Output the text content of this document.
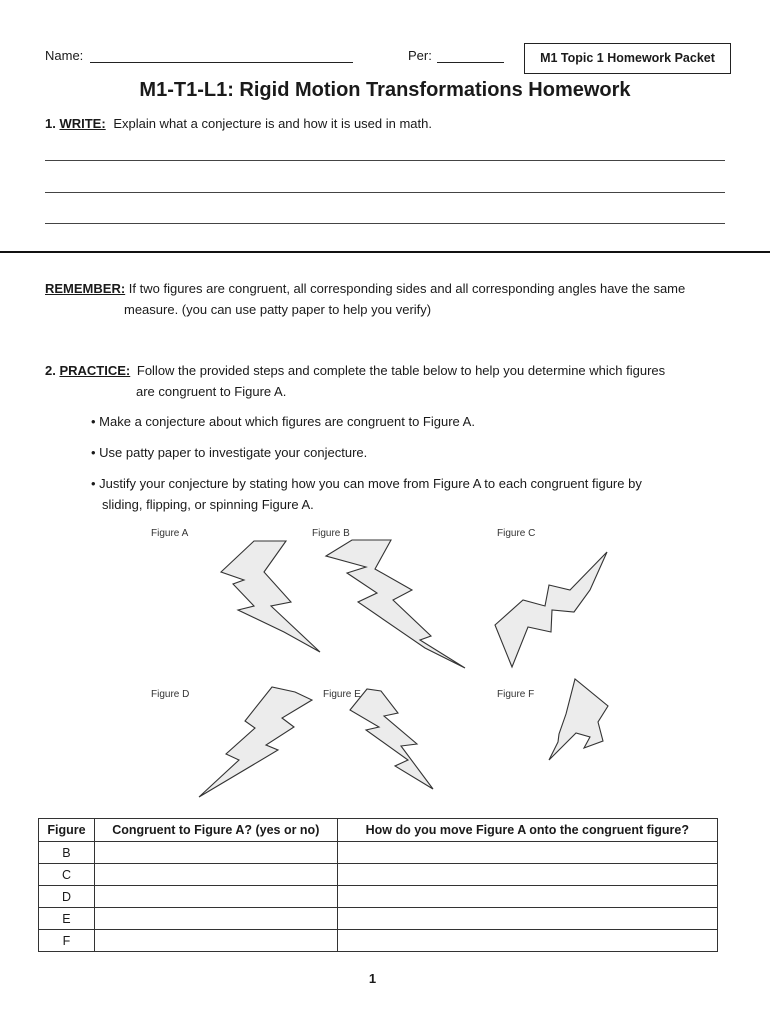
Name:	Per:	M1 Topic 1 Homework Packet
M1-T1-L1: Rigid Motion Transformations Homework
1. WRITE: Explain what a conjecture is and how it is used in math.
REMEMBER: If two figures are congruent, all corresponding sides and all corresponding angles have the same
measure. (you can use patty paper to help you verify)
2. PRACTICE: Follow the provided steps and complete the table below to help you determine which figures
are congruent to Figure A.
• Make a conjecture about which figures are congruent to Figure A.
• Use patty paper to investigate your conjecture.
• Justify your conjecture by stating how you can move from Figure A to each congruent figure by
sliding, flipping, or spinning Figure A.
Figure A	Figure B	Figure C
Figure D	Figure E	Figure F
Figure	Congruent to Figure A? (yes or no)	How do you move Figure A onto the congruent figure?
B		
C		
D		
E		
F		
1
